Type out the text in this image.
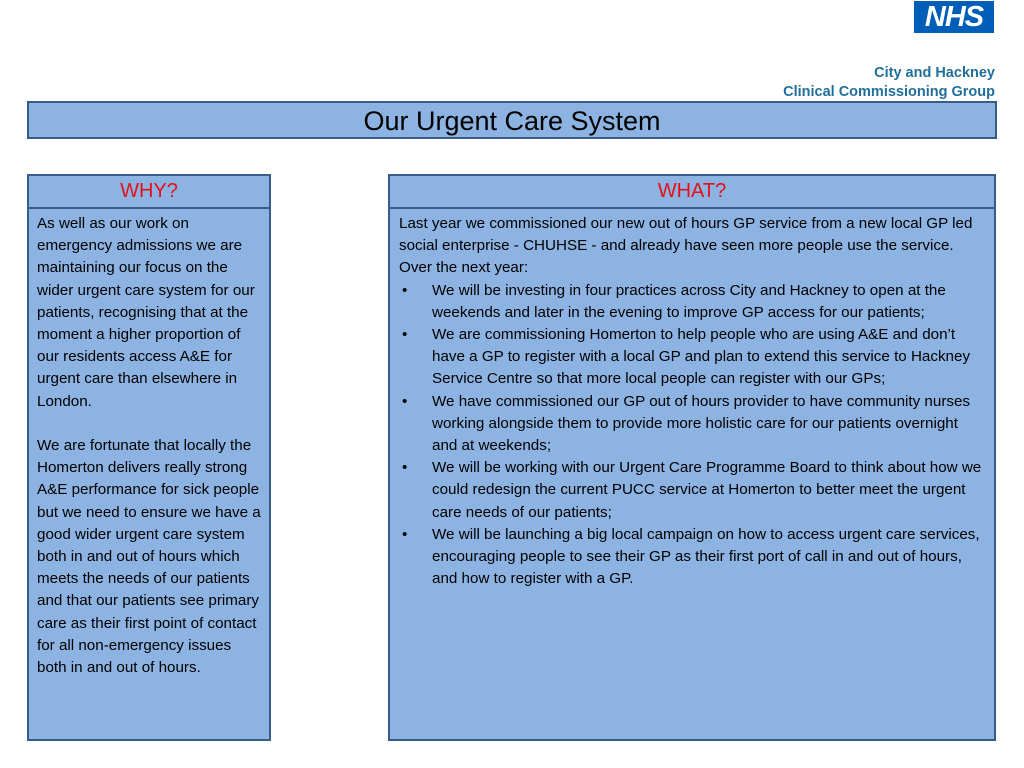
NHS
City and Hackney
Clinical Commissioning Group
Our Urgent Care System
WHY?

As well as our work on emergency admissions we are maintaining our focus on the wider urgent care system for our patients, recognising that at the moment a higher proportion of our residents access A&E for urgent care than elsewhere in London.

We are fortunate that locally the Homerton delivers really strong A&E performance for sick people but we need to ensure we have a good wider urgent care system both in and out of hours which meets the needs of our patients and that our patients see primary care as their first point of contact for all non-emergency issues both in and out of hours.

WHAT?

Last year we commissioned our new out of hours GP service from a new local GP led social enterprise - CHUHSE - and already have seen more people use the service. Over the next year:

• We will be investing in four practices across City and Hackney to open at the weekends and later in the evening to improve GP access for our patients;
• We are commissioning Homerton to help people who are using A&E and don’t have a GP to register with a local GP and plan to extend this service to Hackney Service Centre so that more local people can register with our GPs;
• We have commissioned our GP out of hours provider to have community nurses working alongside them to provide more holistic care for our patients overnight and at weekends;
• We will be working with our Urgent Care Programme Board to think about how we could redesign the current PUCC service at Homerton to better meet the urgent care needs of our patients;
• We will be launching a big local campaign on how to access urgent care services, encouraging people to see their GP as their first port of call in and out of hours, and how to register with a GP.
